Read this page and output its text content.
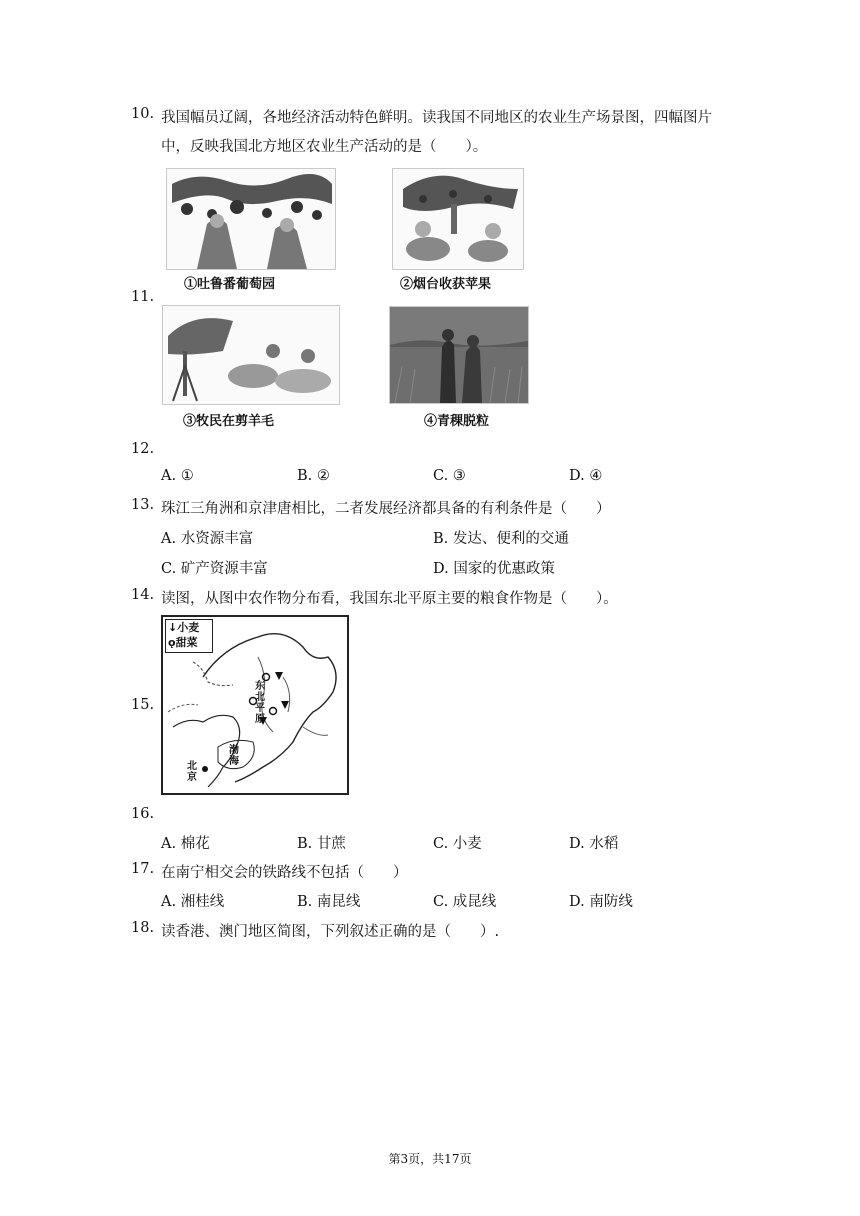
10. 我国幅员辽阔，各地经济活动特色鲜明。读我国不同地区的农业生产场景图，四幅图片
中，反映我国北方地区农业生产活动的是（　　）。
①吐鲁番葡萄园	②烟台收获苹果
11.
③牧民在剪羊毛	④青稞脱粒
12.
A. ①	B. ②	C. ③	D. ④
13. 珠江三角洲和京津唐相比，二者发展经济都具备的有利条件是（　　）
A. 水资源丰富	B. 发达、便利的交通
C. 矿产资源丰富	D. 国家的优惠政策
14. 读图，从图中农作物分布看，我国东北平原主要的粮食作物是（　　）。
↓小麦
ǫ甜菜
东北平原
北京
渤海
15.
16.
A. 棉花	B. 甘蔗	C. 小麦	D. 水稻
17. 在南宁相交会的铁路线不包括（　　）
A. 湘桂线	B. 南昆线	C. 成昆线	D. 南防线
18. 读香港、澳门地区简图，下列叙述正确的是（　　）.
第3页，共17页
